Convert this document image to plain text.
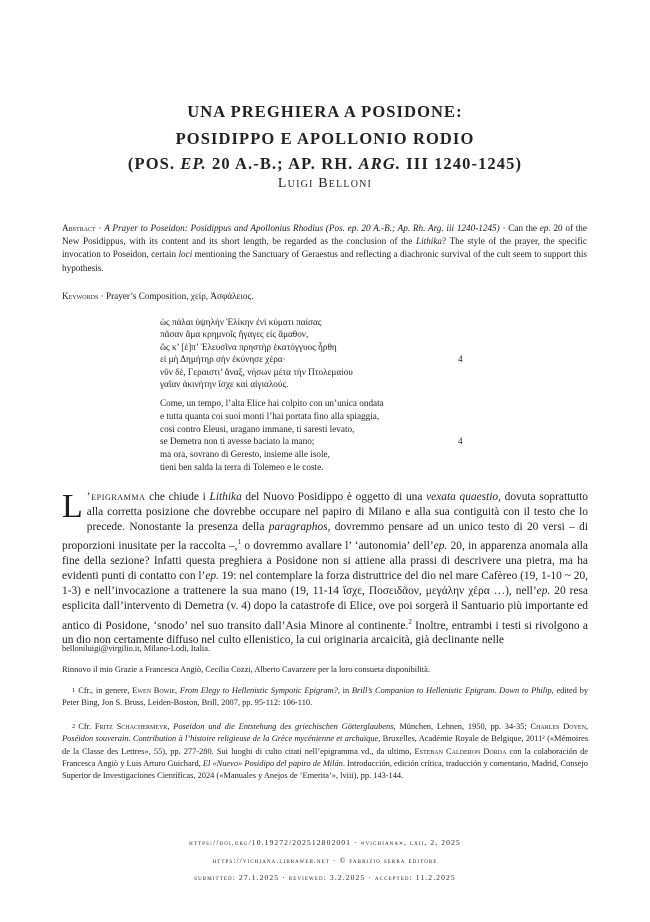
UNA PREGHIERA A POSIDONE:
POSIDIPPO E APOLLONIO RODIO
(POS. EP. 20 A.-B.; AP. RH. ARG. III 1240-1245)

Luigi Belloni

Abstract · A Prayer to Poseidon: Posidippus and Apollonius Rhodius (Pos. ep. 20 A.-B.; Ap. Rh. Arg. iii 1240-1245) · Can the ep. 20 of the New Posidippus, with its content and its short length, be regarded as the conclusion of the Lithika? The style of the prayer, the specific invocation to Poseidon, certain loci mentioning the Sanctuary of Geraestus and reflecting a diachronic survival of the cult seem to support this hypothesis.

Keywords · Prayer’s Composition, χείρ, Ἀσφάλειος.

ὡς πάλαι ὑψηλὴν Ἑλίκην ἐνὶ κύματι παίσας
πᾶσαν ἅμα κρημνοῖς ἤγαγες εἰς ἄμαθον,
ὣς κ’ [ἐ]π’ Ἐλευσῖνα πρηστὴρ ἑκατόγγυος ἦρθη
εἰ μὴ Δημήτηρ σὴν ἐκύνησε χέρα·	4
νῦν δέ, Γεραιστι’ ἄναξ, νήσων μέτα τὴν Πτολεμαίου
γαῖαν ἀκινήτην ἴσχε καὶ αἰγιαλούς.
Come, un tempo, l’alta Elice hai colpito con un’unica ondata
e tutta quanta coi suoi monti l’hai portata fino alla spiaggia,
così contro Eleusi, uragano immane, ti saresti levato,
se Demetra non ti avesse baciato la mano;	4
ma ora, sovrano di Geresto, insieme alle isole,
tieni ben salda la terra di Tolemeo e le coste.

L ’epigramma che chiude i Lithika del Nuovo Posidippo è oggetto di una vexata quaestio, dovuta soprattutto alla corretta posizione che dovrebbe occupare nel papiro di Milano e alla sua contiguità con il testo che lo precede. Nonostante la presenza della paragraphos, dovremmo pensare ad un unico testo di 20 versi – di proporzioni inusitate per la raccolta –,$^1$ o dovremmo avallare l’ ‘autonomia’ dell’ep. 20, in apparenza anomala alla fine della sezione? Infatti questa preghiera a Posidone non si attiene alla prassi di descrivere una pietra, ma ha evidenti punti di contatto con l’ep. 19: nel contemplare la forza distruttrice del dio nel mare Cafèreo (19, 1-10 ~ 20, 1-3) e nell’invocazione a trattenere la sua mano (19, 11-14 ἴσχε, Ποσειδᾶον, μεγάλην χέρα …), nell’ep. 20 resa esplicita dall’intervento di Demetra (v. 4) dopo la catastrofe di Elice, ove poi sorgerà il Santuario più importante ed antico di Posidone, ‘snodo’ nel suo transito dall’Asia Minore al continente.$^2$ Inoltre, entrambi i testi si rivolgono a un dio non certamente diffuso nel culto ellenistico, la cui originaria arcaicità, già declinante nelle

belloniluigi@virgilio.it, Milano-Lodi, Italia.

Rinnovo il mio Grazie a Francesca Angiò, Cecilia Cozzi, Alberto Cavarzere per la loro consueta disponibilità.

$^1$ Cfr., in genere, Ewen Bowie, From Elegy to Hellenistic Sympotic Epigram?, in Brill’s Companion to Hellenistic Epigram. Down to Philip, edited by Peter Bing, Jon S. Bruss, Leiden-Boston, Brill, 2007, pp. 95-112: 106-110.

$^2$ Cfr. Fritz Schachermeyr, Poseidon und die Entstehung des griechischen Götterglaubens, München, Lehnen, 1950, pp. 34-35; Charles Doyen, Poséidon souverain. Contribution à l’histoire religieuse de la Grèce mycénienne et archaïque, Bruxelles, Académie Royale de Belgique, 2011² («Mémoires de la Classe des Lettres», 55), pp. 277-280. Sui luoghi di culto citati nell’epigramma vd., da ultimo, Esteban Calderon Dorda con la colaboración de Francesca Angiò y Luis Arturo Guichard, El «Nuevo» Posidipo del papiro de Milán. Introducción, edición crítica, traducción y comentario, Madrid, Consejo Superior de Investigaciones Científicas, 2024 («Manuales y Anejos de ‘Emerita’», lviii), pp. 143-144.

https://doi.org/10.19272/202512802001 · «vichiana», lxii, 2, 2025

https://vichiana.libraweb.net · © fabrizio serra editore

submitted: 27.1.2025 · reviewed: 3.2.2025 · accepted: 11.2.2025
